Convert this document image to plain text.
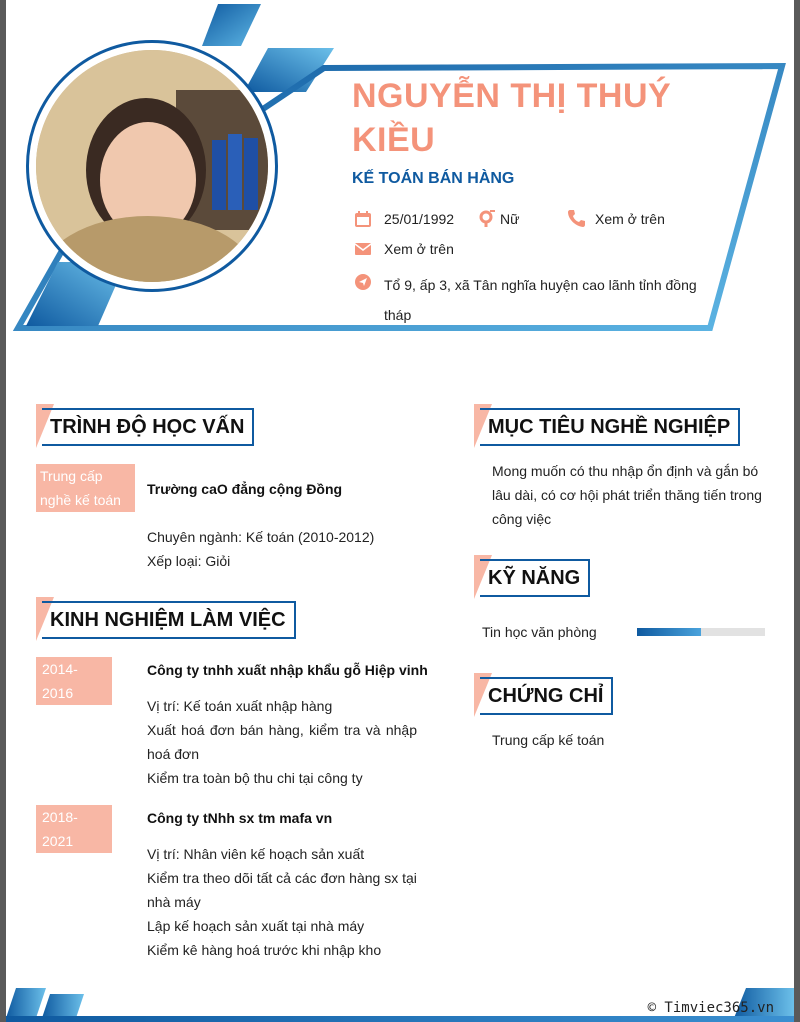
NGUYỄN THỊ THUÝ KIỀU
KẾ TOÁN BÁN HÀNG
25/01/1992	Nữ	Xem ở trên
Xem ở trên
Tổ 9, ấp 3, xã Tân nghĩa huyện cao lãnh tỉnh đồng tháp
TRÌNH ĐỘ HỌC VẤN
Trung cấp nghề kế toán
Trường caO đẳng cộng Đồng
Chuyên ngành: Kế toán (2010-2012)
Xếp loại: Giỏi
KINH NGHIỆM LÀM VIỆC
2014-2016
Công ty tnhh xuất nhập khẩu gỗ Hiệp vinh
Vị trí: Kế toán xuất nhập hàng
Xuất hoá đơn bán hàng, kiểm tra và nhập hoá đơn
Kiểm tra toàn bộ thu chi tại công ty
2018-2021
Công ty tNhh sx tm mafa vn
Vị trí: Nhân viên kế hoạch sản xuất
Kiểm tra theo dõi tất cả các đơn hàng sx tại nhà máy
Lập kế hoạch sản xuất tại nhà máy
Kiểm kê hàng hoá trước khi nhập kho
MỤC TIÊU NGHỀ NGHIỆP
Mong muốn có thu nhập ổn định và gắn bó lâu dài, có cơ hội phát triển thăng tiến trong công việc
KỸ NĂNG
Tin học văn phòng
CHỨNG CHỈ
Trung cấp kế toán
© Timviec365.vn
